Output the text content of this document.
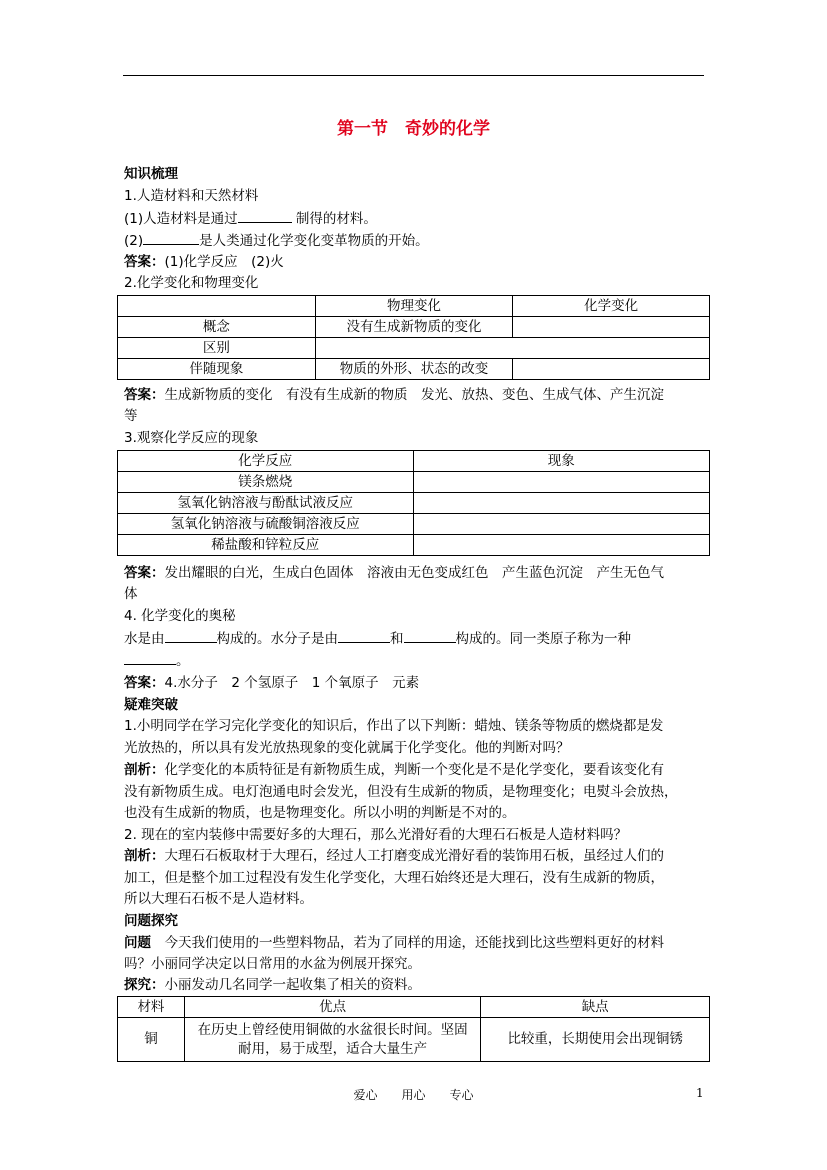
第一节　奇妙的化学
知识梳理
1.人造材料和天然材料
(1)人造材料是通过	制得的材料。
(2)	是人类通过化学变化变革物质的开始。
答案：(1)化学反应　(2)火
2.化学变化和物理变化
	物理变化	化学变化
概念	没有生成新物质的变化	
区别		
伴随现象	物质的外形、状态的改变	
答案：生成新物质的变化　有没有生成新的物质　发光、放热、变色、生成气体、产生沉淀
等
3.观察化学反应的现象
化学反应	现象
镁条燃烧	
氢氧化钠溶液与酚酞试液反应	
氢氧化钠溶液与硫酸铜溶液反应	
稀盐酸和锌粒反应	
答案：发出耀眼的白光，生成白色固体　溶液由无色变成红色　产生蓝色沉淀　产生无色气
体
4. 化学变化的奥秘
水是由	构成的。水分子是由	和	构成的。同一类原子称为一种
。
答案：4.水分子　2 个氢原子　1 个氧原子　元素
疑难突破
1.小明同学在学习完化学变化的知识后，作出了以下判断：蜡烛、镁条等物质的燃烧都是发
光放热的，所以具有发光放热现象的变化就属于化学变化。他的判断对吗？
剖析：化学变化的本质特征是有新物质生成，判断一个变化是不是化学变化，要看该变化有
没有新物质生成。电灯泡通电时会发光，但没有生成新的物质，是物理变化；电熨斗会放热，
也没有生成新的物质，也是物理变化。所以小明的判断是不对的。
2. 现在的室内装修中需要好多的大理石，那么光滑好看的大理石石板是人造材料吗？
剖析：大理石石板取材于大理石，经过人工打磨变成光滑好看的装饰用石板，虽经过人们的
加工，但是整个加工过程没有发生化学变化，大理石始终还是大理石，没有生成新的物质，
所以大理石石板不是人造材料。
问题探究
问题　 今天我们使用的一些塑料物品，若为了同样的用途，还能找到比这些塑料更好的材料
吗？小丽同学决定以日常用的水盆为例展开探究。
探究：小丽发动几名同学一起收集了相关的资料。
材料	优点	缺点
铜	在历史上曾经使用铜做的水盆很长时间。坚固
耐用，易于成型，适合大量生产	比较重，长期使用会出现铜锈
爱心　　用心　　专心	1
